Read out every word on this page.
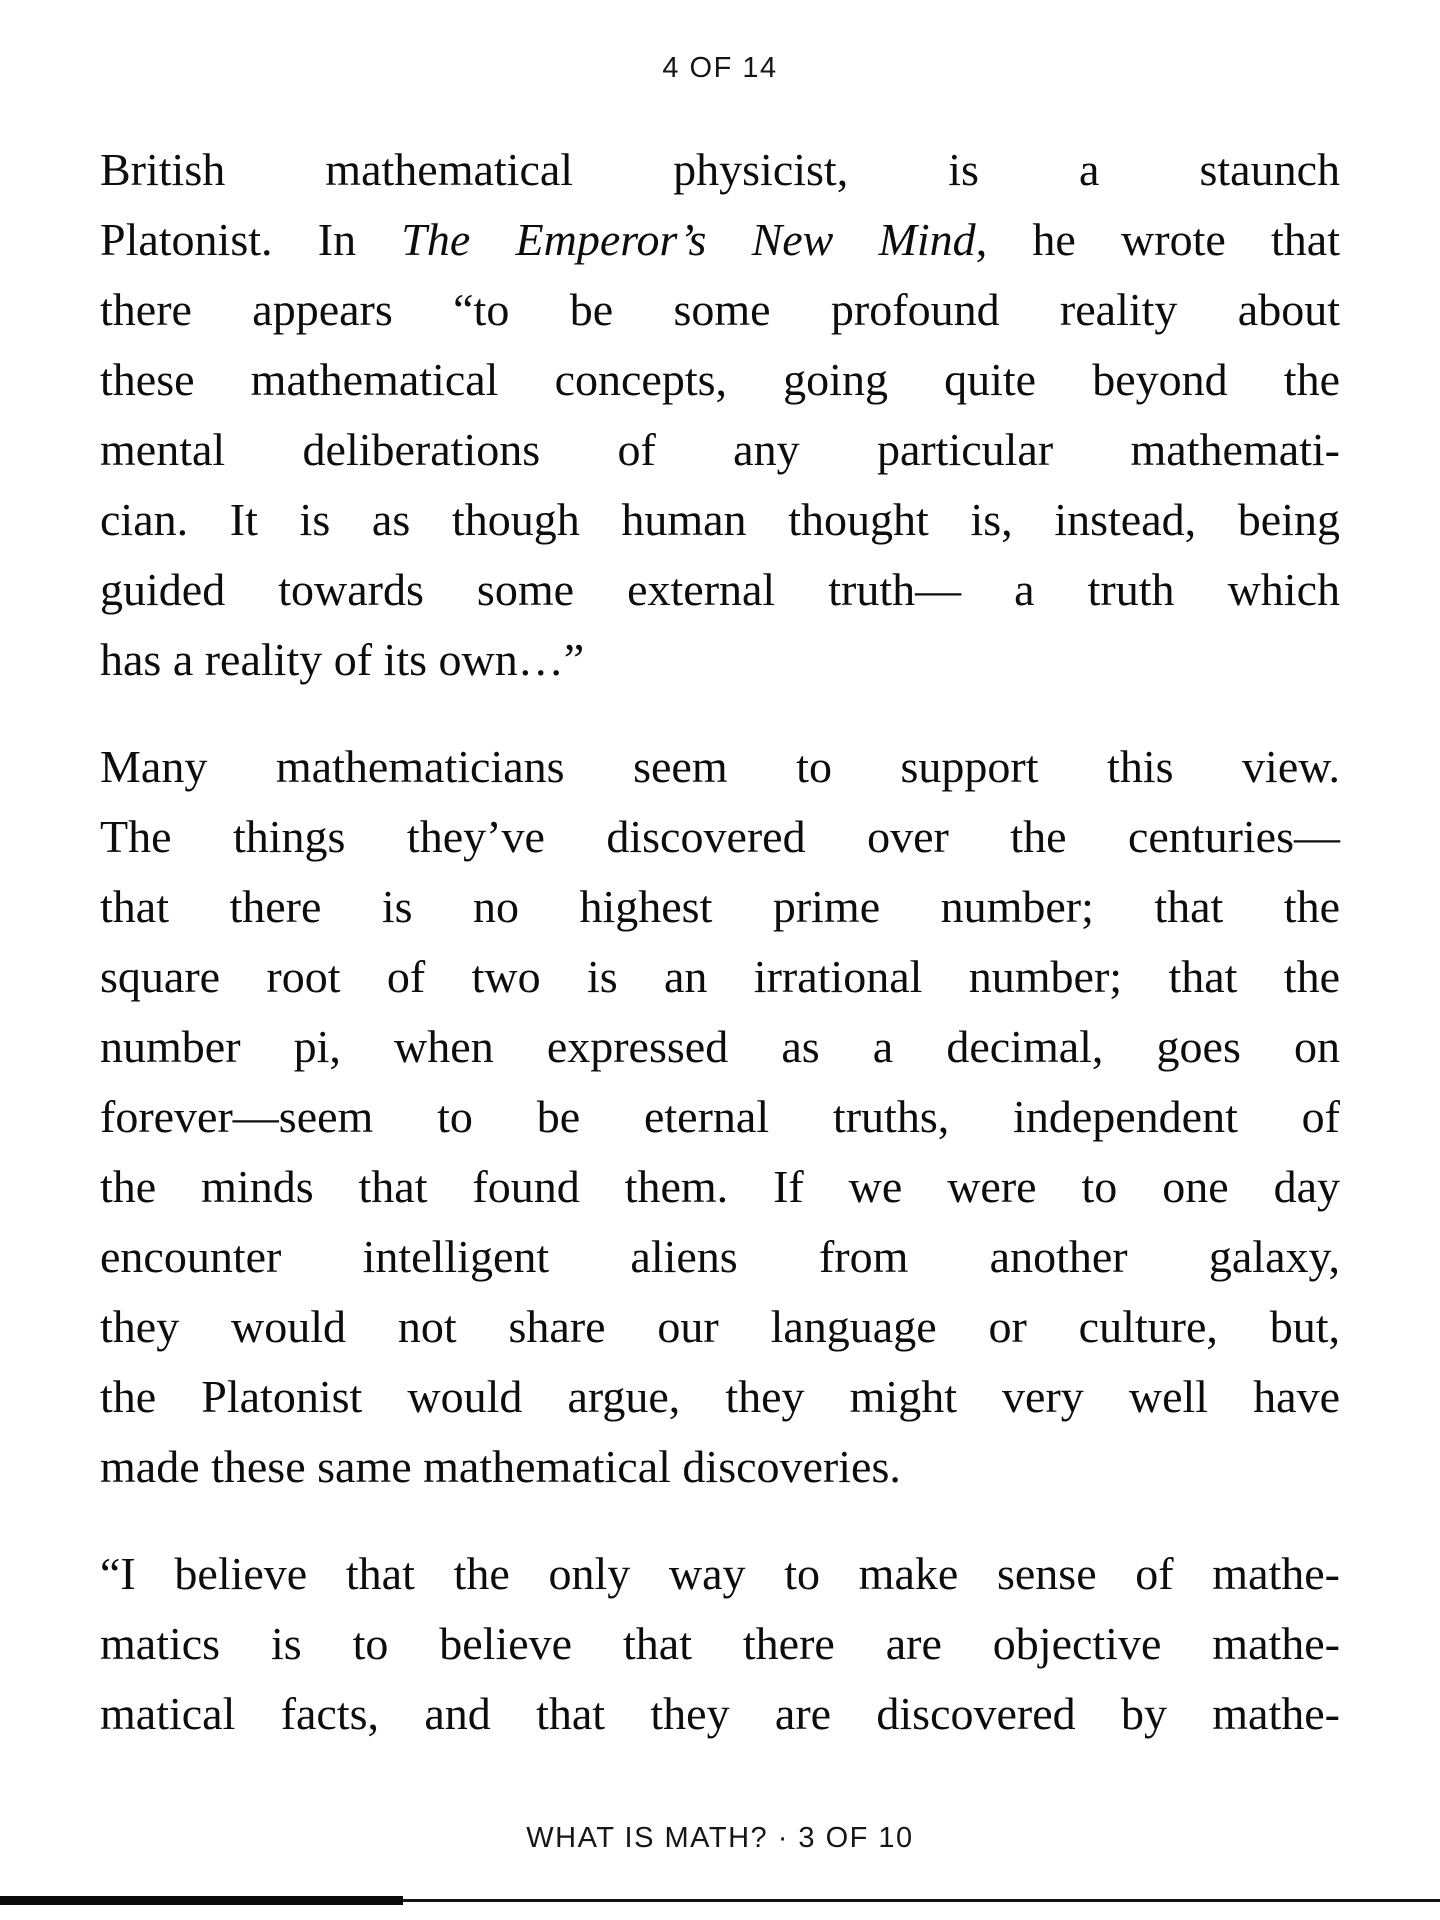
4 OF 14
British mathematical physicist, is a staunch
Platonist. In The Emperor’s New Mind, he wrote that
there appears “to be some profound reality about
these mathematical concepts, going quite beyond the
mental deliberations of any particular mathemati-
cian. It is as though human thought is, instead, being
guided towards some external truth— a truth which
has a reality of its own…”
Many mathematicians seem to support this view.
The things they’ve discovered over the centuries—
that there is no highest prime number; that the
square root of two is an irrational number; that the
number pi, when expressed as a decimal, goes on
forever—seem to be eternal truths, independent of
the minds that found them. If we were to one day
encounter intelligent aliens from another galaxy,
they would not share our language or culture, but,
the Platonist would argue, they might very well have
made these same mathematical discoveries.
“I believe that the only way to make sense of mathe-
matics is to believe that there are objective mathe-
matical facts, and that they are discovered by mathe-
WHAT IS MATH? · 3 OF 10
